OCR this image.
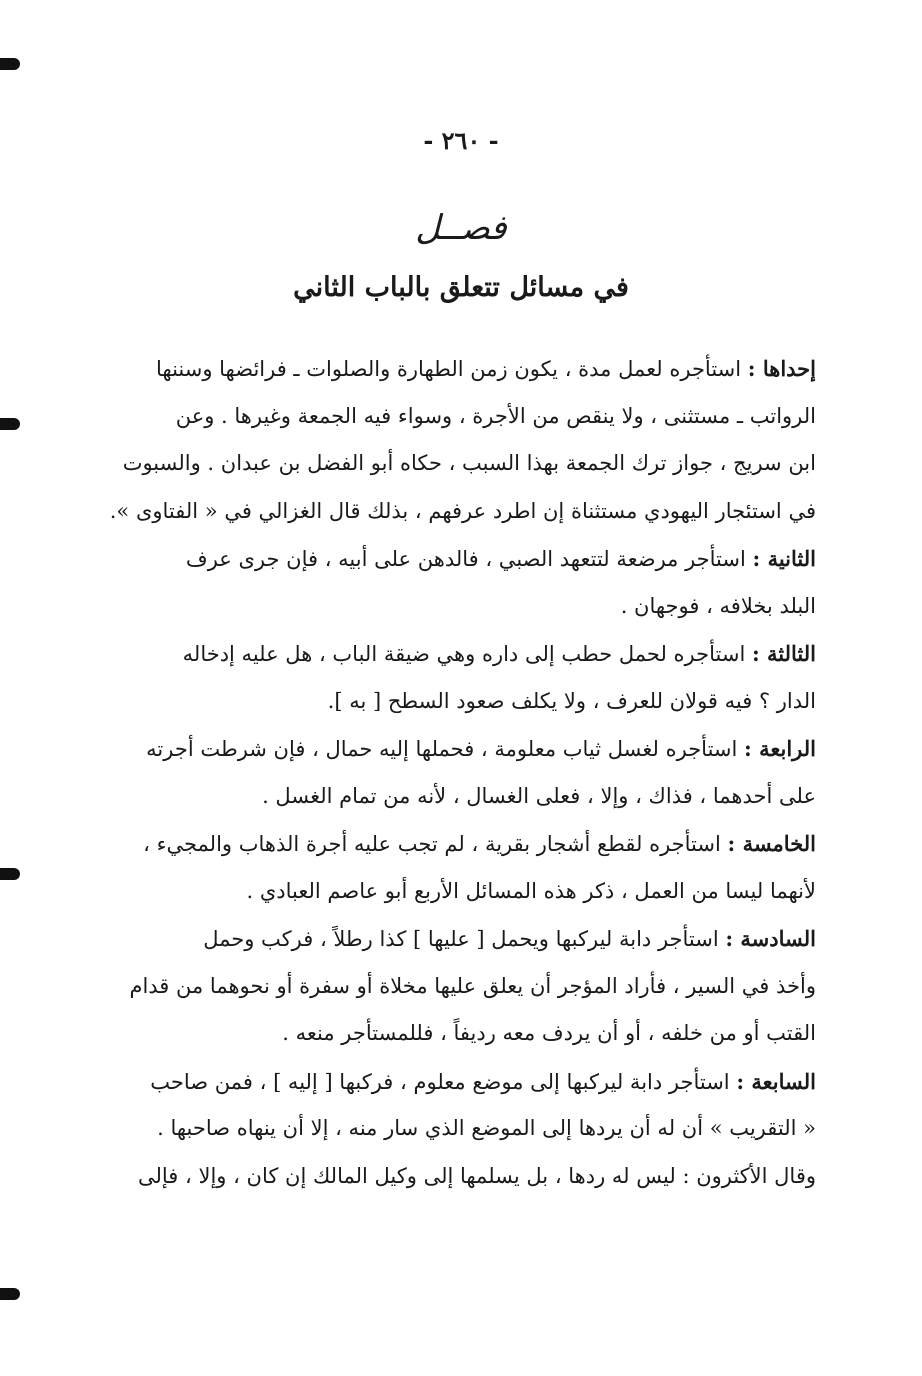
- ٢٦٠ -
فصــل
في مسائل تتعلق بالباب الثاني
إحداها : استأجره لعمل مدة ، يكون زمن الطهارة والصلوات ـ فرائضها وسننها
الرواتب ـ مستثنى ، ولا ينقص من الأجرة ، وسواء فيه الجمعة وغيرها . وعن
ابن سريج ، جواز ترك الجمعة بهذا السبب ، حكاه أبو الفضل بن عبدان . والسبوت
في استئجار اليهودي مستثناة إن اطرد عرفهم ، بذلك قال الغزالي في « الفتاوى ».
الثانية : استأجر مرضعة لتتعهد الصبي ، فالدهن على أبيه ، فإن جرى عرف
البلد بخلافه ، فوجهان .
الثالثة : استأجره لحمل حطب إلى داره وهي ضيقة الباب ، هل عليه إدخاله
الدار ؟ فيه قولان للعرف ، ولا يكلف صعود السطح [ به ].
الرابعة : استأجره لغسل ثياب معلومة ، فحملها إليه حمال ، فإن شرطت أجرته
على أحدهما ، فذاك ، وإلا ، فعلى الغسال ، لأنه من تمام الغسل .
الخامسة : استأجره لقطع أشجار بقرية ، لم تجب عليه أجرة الذهاب والمجيء ،
لأنهما ليسا من العمل ، ذكر هذه المسائل الأربع أبو عاصم العبادي .
السادسة : استأجر دابة ليركبها ويحمل [ عليها ] كذا رطلاً ، فركب وحمل
وأخذ في السير ، فأراد المؤجر أن يعلق عليها مخلاة أو سفرة أو نحوهما من قدام
القتب أو من خلفه ، أو أن يردف معه رديفاً ، فللمستأجر منعه .
السابعة : استأجر دابة ليركبها إلى موضع معلوم ، فركبها [ إليه ] ، فمن صاحب
« التقريب » أن له أن يردها إلى الموضع الذي سار منه ، إلا أن ينهاه صاحبها .
وقال الأكثرون : ليس له ردها ، بل يسلمها إلى وكيل المالك إن كان ، وإلا ، فإلى
